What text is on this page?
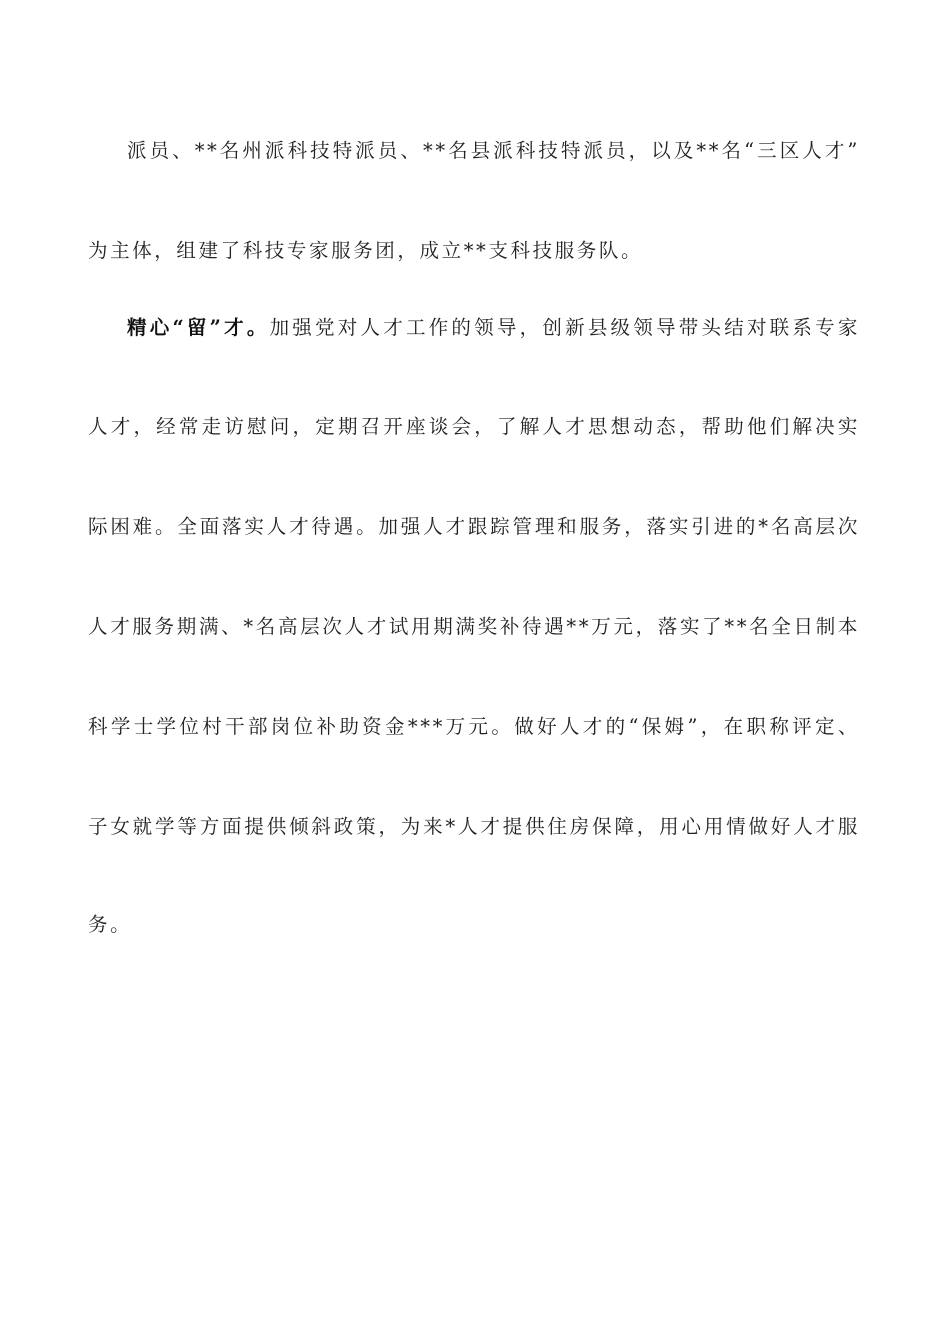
派员、**名州派科技特派员、**名县派科技特派员，以及**名“三区人才”
为主体，组建了科技专家服务团，成立**支科技服务队。
精心“留”才。加强党对人才工作的领导，创新县级领导带头结对联系专家
人才，经常走访慰问，定期召开座谈会，了解人才思想动态，帮助他们解决实
际困难。全面落实人才待遇。加强人才跟踪管理和服务，落实引进的*名高层次
人才服务期满、*名高层次人才试用期满奖补待遇**万元，落实了**名全日制本
科学士学位村干部岗位补助资金***万元。做好人才的“保姆”，在职称评定、
子女就学等方面提供倾斜政策，为来*人才提供住房保障，用心用情做好人才服
务。
